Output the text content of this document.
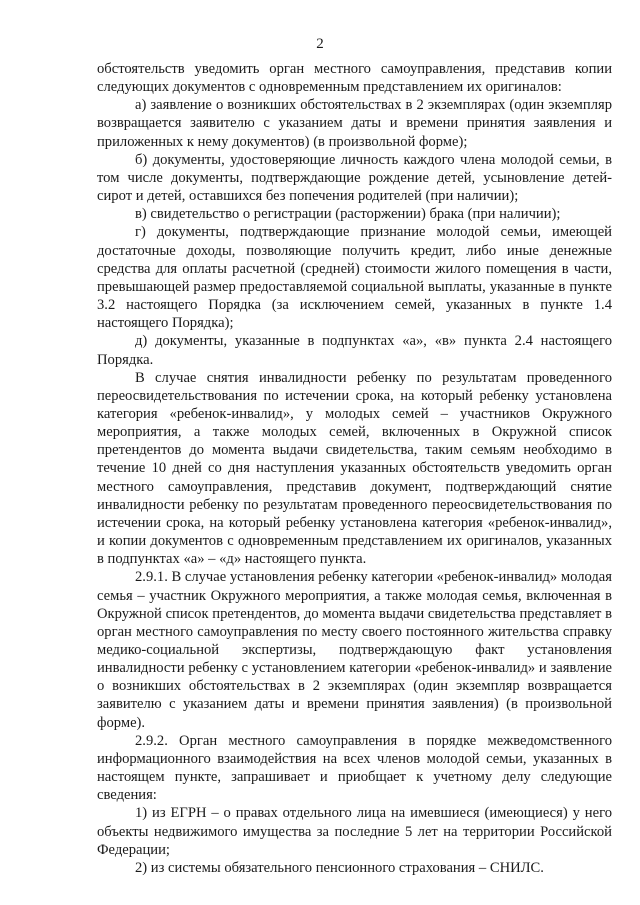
2

обстоятельств уведомить орган местного самоуправления, представив копии следующих документов с одновременным представлением их оригиналов:

а) заявление о возникших обстоятельствах в 2 экземплярах (один экземпляр возвращается заявителю с указанием даты и времени принятия заявления и приложенных к нему документов) (в произвольной форме);

б) документы, удостоверяющие личность каждого члена молодой семьи, в том числе документы, подтверждающие рождение детей, усыновление детей-сирот и детей, оставшихся без попечения родителей (при наличии);

в) свидетельство о регистрации (расторжении) брака (при наличии);

г) документы, подтверждающие признание молодой семьи, имеющей достаточные доходы, позволяющие получить кредит, либо иные денежные средства для оплаты расчетной (средней) стоимости жилого помещения в части, превышающей размер предоставляемой социальной выплаты, указанные в пункте 3.2 настоящего Порядка (за исключением семей, указанных в пункте 1.4 настоящего Порядка);

д) документы, указанные в подпунктах «а», «в» пункта 2.4 настоящего Порядка.

В случае снятия инвалидности ребенку по результатам проведенного переосвидетельствования по истечении срока, на который ребенку установлена категория «ребенок-инвалид», у молодых семей – участников Окружного мероприятия, а также молодых семей, включенных в Окружной список претендентов до момента выдачи свидетельства, таким семьям необходимо в течение 10 дней со дня наступления указанных обстоятельств уведомить орган местного самоуправления, представив документ, подтверждающий снятие инвалидности ребенку по результатам проведенного переосвидетельствования по истечении срока, на который ребенку установлена категория «ребенок-инвалид», и копии документов с одновременным представлением их оригиналов, указанных в подпунктах «а» – «д» настоящего пункта.

2.9.1. В случае установления ребенку категории «ребенок-инвалид» молодая семья – участник Окружного мероприятия, а также молодая семья, включенная в Окружной список претендентов, до момента выдачи свидетельства представляет в орган местного самоуправления по месту своего постоянного жительства справку медико-социальной экспертизы, подтверждающую факт установления инвалидности ребенку с установлением категории «ребенок-инвалид» и заявление о возникших обстоятельствах в 2 экземплярах (один экземпляр возвращается заявителю с указанием даты и времени принятия заявления) (в произвольной форме).

2.9.2. Орган местного самоуправления в порядке межведомственного информационного взаимодействия на всех членов молодой семьи, указанных в настоящем пункте, запрашивает и приобщает к учетному делу следующие сведения:

1) из ЕГРН – о правах отдельного лица на имевшиеся (имеющиеся) у него объекты недвижимого имущества за последние 5 лет на территории Российской Федерации;

2) из системы обязательного пенсионного страхования – СНИЛС.
